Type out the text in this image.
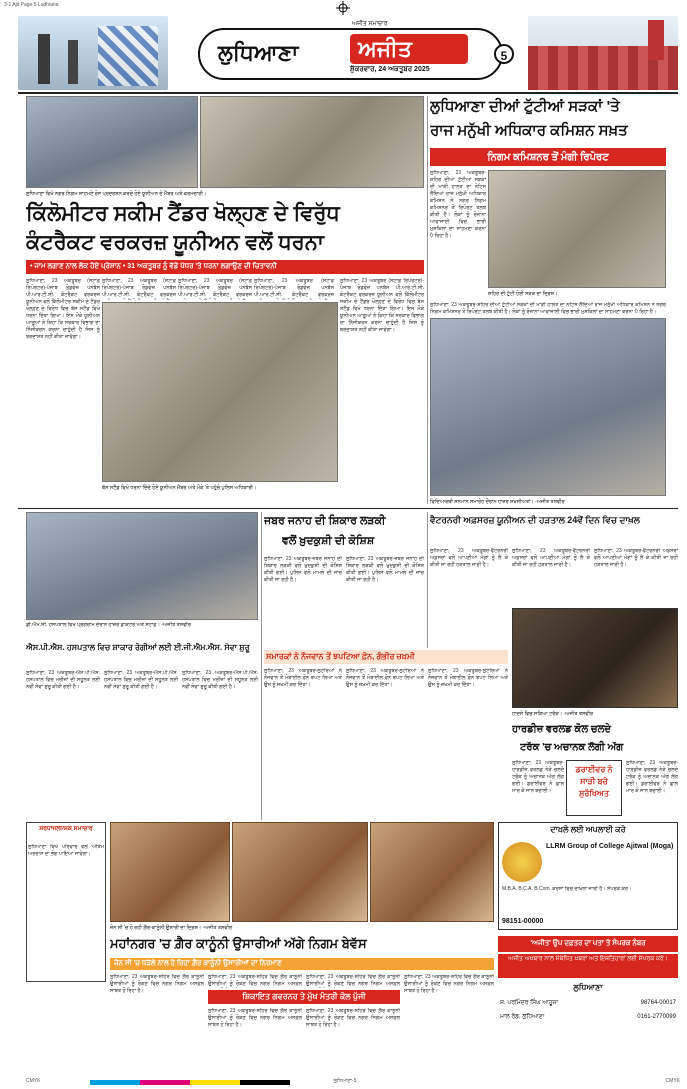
3-1 Ajit Page 5 Ludhiana
ਲੁਧਿਆਣਾ	ਅਜੀਤ
ਅਜੀਤ ਸਮਾਚਾਰ
ਸ਼ੁੱਕਰਵਾਰ, 24 ਅਕਤੂਬਰ 2025
5
ਲੁਧਿਆਣਾ ਵਿਖੇ ਨਗਰ ਨਿਗਮ ਸਾਹਮਣੇ ਰੋਸ ਪ੍ਰਦਰਸ਼ਨ ਕਰਦੇ ਹੋਏ ਯੂਨੀਅਨ ਦੇ ਮੈਂਬਰ ਅਤੇ ਕਰਮਚਾਰੀ।
ਕਿੱਲੋਮੀਟਰ ਸਕੀਮ ਟੈਂਡਰ ਖੋਲ੍ਹਣ ਦੇ ਵਿਰੁੱਧ
ਕੰਟਰੈਕਟ ਵਰਕਰਜ਼ ਯੂਨੀਅਨ ਵਲੋਂ ਧਰਨਾ
• ਜਾਮ ਲਗਾਣ ਨਾਲ ਲੋਕ ਹੋਏ ਪ੍ਰੇਸ਼ਾਨ • 31 ਅਕਤੂਬਰ ਨੂੰ ਵੱਡੇ ਪੱਧਰ 'ਤੇ ਧਰਨਾ ਲਗਾਉਣ ਦੀ ਚਿਤਾਵਨੀ
ਲੁਧਿਆਣਾ, 23 ਅਕਤੂਬਰ (ਸਟਾਫ਼ ਰਿਪੋਰਟਰ)-ਪੰਜਾਬ ਰੋਡਵੇਜ਼ ਪਨਬੱਸ ਪੀ.ਆਰ.ਟੀ.ਸੀ. ਕੰਟਰੈਕਟ ਵਰਕਰਜ਼ ਯੂਨੀਅਨ ਵਲੋਂ ਕਿੱਲੋਮੀਟਰ ਸਕੀਮ ਦੇ ਟੈਂਡਰ ਖੋਲ੍ਹਣ ਦੇ ਵਿਰੋਧ ਵਿਚ ਬੱਸ ਸਟੈਂਡ ਵਿਖੇ ਧਰਨਾ ਦਿੱਤਾ ਗਿਆ। ਇਸ ਮੌਕੇ ਯੂਨੀਅਨ ਆਗੂਆਂ ਨੇ ਕਿਹਾ ਕਿ ਸਰਕਾਰ ਵਿਭਾਗ ਦਾ ਨਿੱਜੀਕਰਨ ਕਰਨਾ ਚਾਹੁੰਦੀ ਹੈ ਜਿਸ ਨੂੰ ਬਰਦਾਸ਼ਤ ਨਹੀਂ ਕੀਤਾ ਜਾਵੇਗਾ।
ਲੁਧਿਆਣਾ, 23 ਅਕਤੂਬਰ (ਸਟਾਫ਼ ਰਿਪੋਰਟਰ)-ਪੰਜਾਬ ਰੋਡਵੇਜ਼ ਪਨਬੱਸ ਪੀ.ਆਰ.ਟੀ.ਸੀ. ਕੰਟਰੈਕਟ ਵਰਕਰਜ਼
ਲੁਧਿਆਣਾ, 23 ਅਕਤੂਬਰ (ਸਟਾਫ਼ ਰਿਪੋਰਟਰ)-ਪੰਜਾਬ ਰੋਡਵੇਜ਼ ਪਨਬੱਸ ਪੀ.ਆਰ.ਟੀ.ਸੀ. ਕੰਟਰੈਕਟ ਵਰਕਰਜ਼
ਲੁਧਿਆਣਾ, 23 ਅਕਤੂਬਰ (ਸਟਾਫ਼ ਰਿਪੋਰਟਰ)-ਪੰਜਾਬ ਰੋਡਵੇਜ਼ ਪਨਬੱਸ ਪੀ.ਆਰ.ਟੀ.ਸੀ. ਕੰਟਰੈਕਟ ਵਰਕਰਜ਼
ਲੁਧਿਆਣਾ, 23 ਅਕਤੂਬਰ (ਸਟਾਫ਼ ਰਿਪੋਰਟਰ)-ਪੰਜਾਬ ਰੋਡਵੇਜ਼ ਪਨਬੱਸ ਪੀ.ਆਰ.ਟੀ.ਸੀ. ਕੰਟਰੈਕਟ ਵਰਕਰਜ਼ ਯੂਨੀਅਨ ਵਲੋਂ ਕਿੱਲੋਮੀਟਰ ਸਕੀਮ ਦੇ ਟੈਂਡਰ ਖੋਲ੍ਹਣ ਦੇ ਵਿਰੋਧ ਵਿਚ ਬੱਸ ਸਟੈਂਡ ਵਿਖੇ ਧਰਨਾ ਦਿੱਤਾ ਗਿਆ। ਇਸ ਮੌਕੇ ਯੂਨੀਅਨ ਆਗੂਆਂ ਨੇ ਕਿਹਾ ਕਿ ਸਰਕਾਰ ਵਿਭਾਗ ਦਾ ਨਿੱਜੀਕਰਨ ਕਰਨਾ ਚਾਹੁੰਦੀ ਹੈ ਜਿਸ ਨੂੰ ਬਰਦਾਸ਼ਤ ਨਹੀਂ ਕੀਤਾ ਜਾਵੇਗਾ।
ਬੱਸ ਸਟੈਂਡ ਵਿਖੇ ਧਰਨਾ ਦਿੰਦੇ ਹੋਏ ਯੂਨੀਅਨ ਮੈਂਬਰ ਅਤੇ ਮੌਕੇ 'ਤੇ ਪਹੁੰਚੇ ਪੁਲਿਸ ਅਧਿਕਾਰੀ।
ਲੁਧਿਆਣਾ ਦੀਆਂ ਟੁੱਟੀਆਂ ਸੜਕਾਂ 'ਤੇ
ਰਾਜ ਮਨੁੱਖੀ ਅਧਿਕਾਰ ਕਮਿਸ਼ਨ ਸਖ਼ਤ
ਨਿਗਮ ਕਮਿਸ਼ਨਰ ਤੋਂ ਮੰਗੀ ਰਿਪੋਰਟ
ਲੁਧਿਆਣਾ, 23 ਅਕਤੂਬਰ-ਸ਼ਹਿਰ ਦੀਆਂ ਟੁੱਟੀਆਂ ਸੜਕਾਂ ਦੀ ਮਾੜੀ ਹਾਲਤ ਦਾ ਨੋਟਿਸ ਲੈਂਦਿਆਂ ਰਾਜ ਮਨੁੱਖੀ ਅਧਿਕਾਰ ਕਮਿਸ਼ਨ ਨੇ ਨਗਰ ਨਿਗਮ ਕਮਿਸ਼ਨਰ ਤੋਂ ਰਿਪੋਰਟ ਤਲਬ ਕੀਤੀ ਹੈ। ਲੋਕਾਂ ਨੂੰ ਰੋਜ਼ਾਨਾ ਆਵਾਜਾਈ ਵਿਚ ਭਾਰੀ ਮੁਸ਼ਕਿਲਾਂ ਦਾ ਸਾਹਮਣਾ ਕਰਨਾ ਪੈ ਰਿਹਾ ਹੈ।
ਸ਼ਹਿਰ ਦੀ ਟੁੱਟੀ ਹੋਈ ਸੜਕ ਦਾ ਦ੍ਰਿਸ਼।
ਲੁਧਿਆਣਾ, 23 ਅਕਤੂਬਰ-ਸ਼ਹਿਰ ਦੀਆਂ ਟੁੱਟੀਆਂ ਸੜਕਾਂ ਦੀ ਮਾੜੀ ਹਾਲਤ ਦਾ ਨੋਟਿਸ ਲੈਂਦਿਆਂ ਰਾਜ ਮਨੁੱਖੀ ਅਧਿਕਾਰ ਕਮਿਸ਼ਨ ਨੇ ਨਗਰ ਨਿਗਮ ਕਮਿਸ਼ਨਰ ਤੋਂ ਰਿਪੋਰਟ ਤਲਬ ਕੀਤੀ ਹੈ। ਲੋਕਾਂ ਨੂੰ ਰੋਜ਼ਾਨਾ ਆਵਾਜਾਈ ਵਿਚ ਭਾਰੀ ਮੁਸ਼ਕਿਲਾਂ ਦਾ ਸਾਹਮਣਾ ਕਰਨਾ ਪੈ ਰਿਹਾ ਹੈ।
ਵਿਦਿਆਰਥੀ ਸਨਮਾਨ ਸਮਾਰੋਹ ਦੌਰਾਨ ਹਾਜ਼ਰ ਸ਼ਖ਼ਸੀਅਤਾਂ। -ਅਜੀਤ ਤਸਵੀਰ
ਡੀ.ਐਮ.ਸੀ. ਹਸਪਤਾਲ ਵਿਖੇ ਪ੍ਰੋਗਰਾਮ ਦੌਰਾਨ ਹਾਜ਼ਰ ਡਾਕਟਰ ਅਤੇ ਸਟਾਫ਼। -ਅਜੀਤ ਤਸਵੀਰ
ਐਸ.ਪੀ.ਐਸ. ਹਸਪਤਾਲ ਵਿਚ ਸ਼ਾਕਾਰ ਰੋਗੀਆਂ ਲਈ ਈ.ਜੀ.ਐਮ.ਐਸ. ਸੇਵਾ ਸ਼ੁਰੂ
ਲੁਧਿਆਣਾ, 23 ਅਕਤੂਬਰ-ਐਸ.ਪੀ.ਐਸ. ਹਸਪਤਾਲ ਵਿਚ ਮਰੀਜ਼ਾਂ ਦੀ ਸਹੂਲਤ ਲਈ ਨਵੀਂ ਸੇਵਾ ਸ਼ੁਰੂ ਕੀਤੀ ਗਈ ਹੈ।
ਲੁਧਿਆਣਾ, 23 ਅਕਤੂਬਰ-ਐਸ.ਪੀ.ਐਸ. ਹਸਪਤਾਲ ਵਿਚ ਮਰੀਜ਼ਾਂ ਦੀ ਸਹੂਲਤ ਲਈ ਨਵੀਂ ਸੇਵਾ ਸ਼ੁਰੂ ਕੀਤੀ ਗਈ ਹੈ।
ਲੁਧਿਆਣਾ, 23 ਅਕਤੂਬਰ-ਐਸ.ਪੀ.ਐਸ. ਹਸਪਤਾਲ ਵਿਚ ਮਰੀਜ਼ਾਂ ਦੀ ਸਹੂਲਤ ਲਈ ਨਵੀਂ ਸੇਵਾ ਸ਼ੁਰੂ ਕੀਤੀ ਗਈ ਹੈ।
ਜਬਰ ਜਨਾਹ ਦੀ ਸ਼ਿਕਾਰ ਲੜਕੀ
ਵਲੋਂ ਖ਼ੁਦਕੁਸ਼ੀ ਦੀ ਕੋਸ਼ਿਸ਼
ਲੁਧਿਆਣਾ, 23 ਅਕਤੂਬਰ-ਜਬਰ ਜਨਾਹ ਦੀ ਸ਼ਿਕਾਰ ਲੜਕੀ ਵਲੋਂ ਖ਼ੁਦਕੁਸ਼ੀ ਦੀ ਕੋਸ਼ਿਸ਼ ਕੀਤੀ ਗਈ। ਪੁਲਿਸ ਵਲੋਂ ਮਾਮਲੇ ਦੀ ਜਾਂਚ ਕੀਤੀ ਜਾ ਰਹੀ ਹੈ।
ਲੁਧਿਆਣਾ, 23 ਅਕਤੂਬਰ-ਜਬਰ ਜਨਾਹ ਦੀ ਸ਼ਿਕਾਰ ਲੜਕੀ ਵਲੋਂ ਖ਼ੁਦਕੁਸ਼ੀ ਦੀ ਕੋਸ਼ਿਸ਼ ਕੀਤੀ ਗਈ। ਪੁਲਿਸ ਵਲੋਂ ਮਾਮਲੇ ਦੀ ਜਾਂਚ ਕੀਤੀ ਜਾ ਰਹੀ ਹੈ।
ਵੈਟਰਨਰੀ ਅਫ਼ਸਰਜ਼ ਯੂਨੀਅਨ ਦੀ ਹੜਤਾਲ 24ਵੇਂ ਦਿਨ ਵਿਚ ਦਾਖ਼ਲ
ਲੁਧਿਆਣਾ, 23 ਅਕਤੂਬਰ-ਵੈਟਰਨਰੀ ਅਫ਼ਸਰਾਂ ਵਲੋਂ ਆਪਣੀਆਂ ਮੰਗਾਂ ਨੂੰ ਲੈ ਕੇ ਕੀਤੀ ਜਾ ਰਹੀ ਹੜਤਾਲ ਜਾਰੀ ਹੈ।
ਲੁਧਿਆਣਾ, 23 ਅਕਤੂਬਰ-ਵੈਟਰਨਰੀ ਅਫ਼ਸਰਾਂ ਵਲੋਂ ਆਪਣੀਆਂ ਮੰਗਾਂ ਨੂੰ ਲੈ ਕੇ ਕੀਤੀ ਜਾ ਰਹੀ ਹੜਤਾਲ ਜਾਰੀ ਹੈ।
ਲੁਧਿਆਣਾ, 23 ਅਕਤੂਬਰ-ਵੈਟਰਨਰੀ ਅਫ਼ਸਰਾਂ ਵਲੋਂ ਆਪਣੀਆਂ ਮੰਗਾਂ ਨੂੰ ਲੈ ਕੇ ਕੀਤੀ ਜਾ ਰਹੀ ਹੜਤਾਲ ਜਾਰੀ ਹੈ।
ਸਮਾਰਕਾਂ ਨੇ ਨੌਜਵਾਨ ਤੋਂ ਝਪਟਿਆ ਫ਼ੋਨ, ਗੰਭੀਰ ਜ਼ਖ਼ਮੀ
ਲੁਧਿਆਣਾ, 23 ਅਕਤੂਬਰ-ਲੁਟੇਰਿਆਂ ਨੇ ਨੌਜਵਾਨ ਤੋਂ ਮੋਬਾਈਲ ਫ਼ੋਨ ਝਪਟ ਲਿਆ ਅਤੇ ਉਸ ਨੂੰ ਜ਼ਖ਼ਮੀ ਕਰ ਦਿੱਤਾ।
ਲੁਧਿਆਣਾ, 23 ਅਕਤੂਬਰ-ਲੁਟੇਰਿਆਂ ਨੇ ਨੌਜਵਾਨ ਤੋਂ ਮੋਬਾਈਲ ਫ਼ੋਨ ਝਪਟ ਲਿਆ ਅਤੇ ਉਸ ਨੂੰ ਜ਼ਖ਼ਮੀ ਕਰ ਦਿੱਤਾ।
ਲੁਧਿਆਣਾ, 23 ਅਕਤੂਬਰ-ਲੁਟੇਰਿਆਂ ਨੇ ਨੌਜਵਾਨ ਤੋਂ ਮੋਬਾਈਲ ਫ਼ੋਨ ਝਪਟ ਲਿਆ ਅਤੇ ਉਸ ਨੂੰ ਜ਼ਖ਼ਮੀ ਕਰ ਦਿੱਤਾ।
ਹਾਦਸੇ ਵਿਚ ਸੜਿਆ ਟਰੱਕ। -ਅਜੀਤ ਤਸਵੀਰ
ਹਾਰਡੀਜ਼ ਵਰਲਡ ਕੋਲ ਚਲਦੇ
ਟਰੱਕ 'ਚ ਅਚਾਨਕ ਲੱਗੀ ਅੱਗ
ਲੁਧਿਆਣਾ, 23 ਅਕਤੂਬਰ-ਹਾਰਡੀਜ਼ ਵਰਲਡ ਨੇੜੇ ਚਲਦੇ ਟਰੱਕ ਨੂੰ ਅਚਾਨਕ ਅੱਗ ਲੱਗ ਗਈ। ਡਰਾਈਵਰ ਨੇ ਛਾਲ ਮਾਰ ਕੇ ਜਾਨ ਬਚਾਈ।
ਡਰਾਈਵਰ ਨੇ ਸਾੜੀ ਬਚੇ ਸੁਰੱਖਿਅਤ
ਲੁਧਿਆਣਾ, 23 ਅਕਤੂਬਰ-ਹਾਰਡੀਜ਼ ਵਰਲਡ ਨੇੜੇ ਚਲਦੇ ਟਰੱਕ ਨੂੰ ਅਚਾਨਕ ਅੱਗ ਲੱਗ ਗਈ। ਡਰਾਈਵਰ ਨੇ ਛਾਲ ਮਾਰ ਕੇ ਜਾਨ ਬਚਾਈ।
ਸ਼ਰਧਾਂਜਲੀ/ਸ਼ੋਕ ਸਮਾਚਾਰ
ਲੁਧਿਆਣਾ ਵਿਖੇ ਪਰਿਵਾਰ ਵਲੋਂ ਅੰਤਿਮ ਅਰਦਾਸ ਦਾ ਭੋਗ ਪਾਇਆ ਜਾਵੇਗਾ।
ਜ਼ੋਨ ਸੀ 'ਚ ਹੋ ਰਹੀ ਗ਼ੈਰ-ਕਾਨੂੰਨੀ ਉਸਾਰੀ ਦਾ ਦ੍ਰਿਸ਼। -ਅਜੀਤ ਤਸਵੀਰ
ਮਹਾਂਨਗਰ 'ਚ ਗ਼ੈਰ ਕਾਨੂੰਨੀ ਉਸਾਰੀਆਂ ਅੱਗੇ ਨਿਗਮ ਬੇਵੱਸ
ਜ਼ੋਨ ਸੀ 'ਚ ਧੜੱਲੇ ਨਾਲ ਹੋ ਰਿਹਾ ਗ਼ੈਰ ਕਾਨੂੰਨੀ ਉਸਾਰੀਆਂ ਦਾ ਨਿਰਮਾਣ
ਲੁਧਿਆਣਾ, 23 ਅਕਤੂਬਰ-ਸ਼ਹਿਰ ਵਿਚ ਗ਼ੈਰ ਕਾਨੂੰਨੀ ਉਸਾਰੀਆਂ ਨੂੰ ਰੋਕਣ ਵਿਚ ਨਗਰ ਨਿਗਮ ਅਸਫ਼ਲ ਸਾਬਤ ਹੋ ਰਿਹਾ ਹੈ।
ਲੁਧਿਆਣਾ, 23 ਅਕਤੂਬਰ-ਸ਼ਹਿਰ ਵਿਚ ਗ਼ੈਰ ਕਾਨੂੰਨੀ ਉਸਾਰੀਆਂ ਨੂੰ ਰੋਕਣ ਵਿਚ ਨਗਰ ਨਿਗਮ ਅਸਫ਼ਲ
ਲੁਧਿਆਣਾ, 23 ਅਕਤੂਬਰ-ਸ਼ਹਿਰ ਵਿਚ ਗ਼ੈਰ ਕਾਨੂੰਨੀ ਉਸਾਰੀਆਂ ਨੂੰ ਰੋਕਣ ਵਿਚ ਨਗਰ ਨਿਗਮ ਅਸਫ਼ਲ
ਲੁਧਿਆਣਾ, 23 ਅਕਤੂਬਰ-ਸ਼ਹਿਰ ਵਿਚ ਗ਼ੈਰ ਕਾਨੂੰਨੀ ਉਸਾਰੀਆਂ ਨੂੰ ਰੋਕਣ ਵਿਚ ਨਗਰ ਨਿਗਮ ਅਸਫ਼ਲ ਸਾਬਤ ਹੋ ਰਿਹਾ ਹੈ।
ਸ਼ਿਕਾਇਤ ਗਵਰਨਰ ਤੇ ਮੁੱਖ ਮੰਤਰੀ ਕੋਲ ਪੁੱਜੀ
ਲੁਧਿਆਣਾ, 23 ਅਕਤੂਬਰ-ਸ਼ਹਿਰ ਵਿਚ ਗ਼ੈਰ ਕਾਨੂੰਨੀ ਉਸਾਰੀਆਂ ਨੂੰ ਰੋਕਣ ਵਿਚ ਨਗਰ ਨਿਗਮ ਅਸਫ਼ਲ ਸਾਬਤ ਹੋ ਰਿਹਾ ਹੈ।
ਲੁਧਿਆਣਾ, 23 ਅਕਤੂਬਰ-ਸ਼ਹਿਰ ਵਿਚ ਗ਼ੈਰ ਕਾਨੂੰਨੀ ਉਸਾਰੀਆਂ ਨੂੰ ਰੋਕਣ ਵਿਚ ਨਗਰ ਨਿਗਮ ਅਸਫ਼ਲ ਸਾਬਤ ਹੋ ਰਿਹਾ ਹੈ।
ਦਾਖ਼ਲੇ ਲਈ ਅਪਲਾਈ ਕਰੋ
LLRM Group of College Ajitwal (Moga)
M.B.A. B.C.A. B.Com. ਕੋਰਸਾਂ ਵਿਚ ਦਾਖ਼ਲਾ ਜਾਰੀ ਹੈ। ਸੰਪਰਕ ਕਰੋ।
98151-00000
'ਅਜੀਤ' ਉਪ ਦਫ਼ਤਰ ਦਾ ਪਤਾ ਤੇ ਸੰਪਰਕ ਨੰਬਰ
ਅਜੀਤ ਅਖ਼ਬਾਰ ਨਾਲ ਸੰਬੰਧਿਤ ਖ਼ਬਰਾਂ ਅਤੇ ਇਸ਼ਤਿਹਾਰਾਂ ਲਈ ਸੰਪਰਕ ਕਰੋ।
ਲੁਧਿਆਣਾ
ਸ. ਪਰਮਿੰਦਰ ਸਿੰਘ ਆਹੂਜਾ	98764-00017
ਮਾਲ ਰੋਡ, ਲੁਧਿਆਣਾ	0161-2770099
CMYK	ਲੁਧਿਆਣਾ-5	CMYK
